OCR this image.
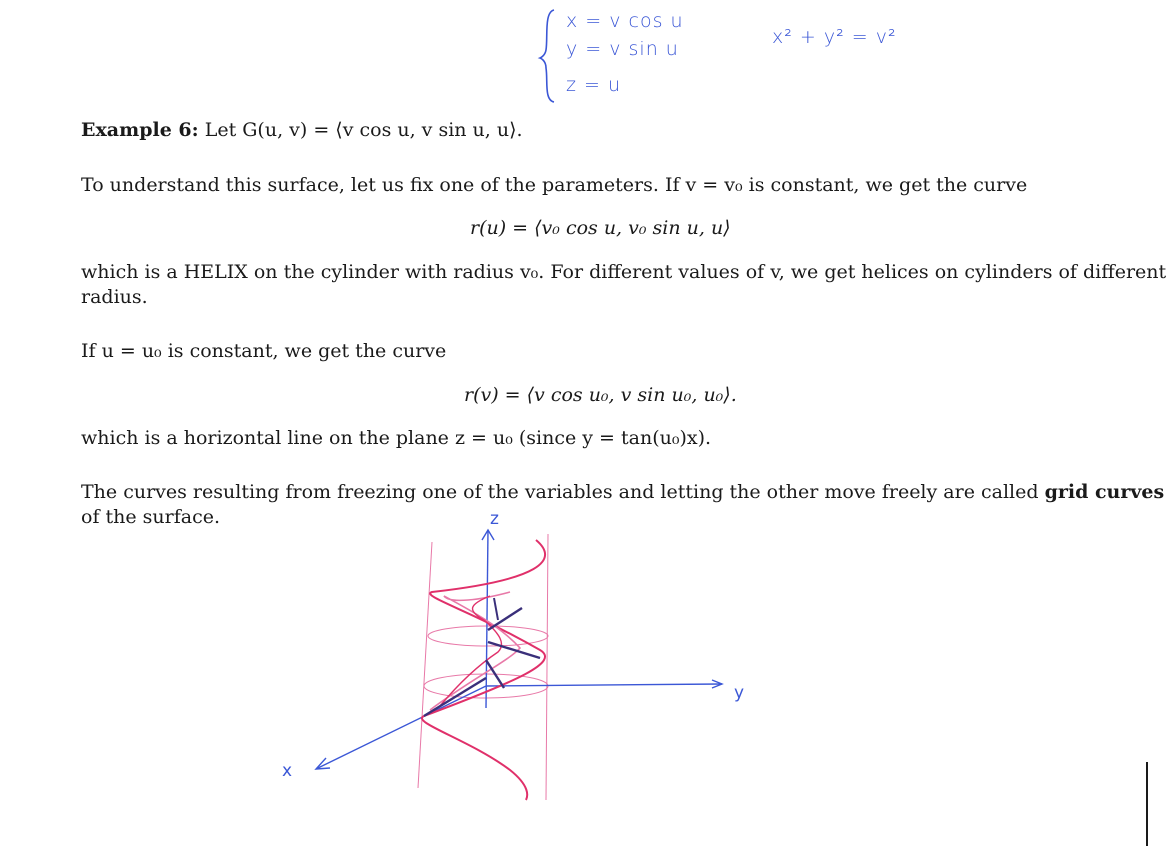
x = v cos u
y = v sin u
z = u
x² + y² = v²
Example 6: Let G(u, v) = ⟨v cos u, v sin u, u⟩.
To understand this surface, let us fix one of the parameters. If v = v₀ is constant, we get the curve
r(u) = ⟨v₀ cos u, v₀ sin u, u⟩
which is a HELIX on the cylinder with radius v₀. For different values of v, we get helices on cylinders of different
radius.
If u = u₀ is constant, we get the curve
r(v) = ⟨v cos u₀, v sin u₀, u₀⟩.
which is a horizontal line on the plane z = u₀ (since y = tan(u₀)x).
The curves resulting from freezing one of the variables and letting the other move freely are called grid curves
of the surface.	z
y
x
